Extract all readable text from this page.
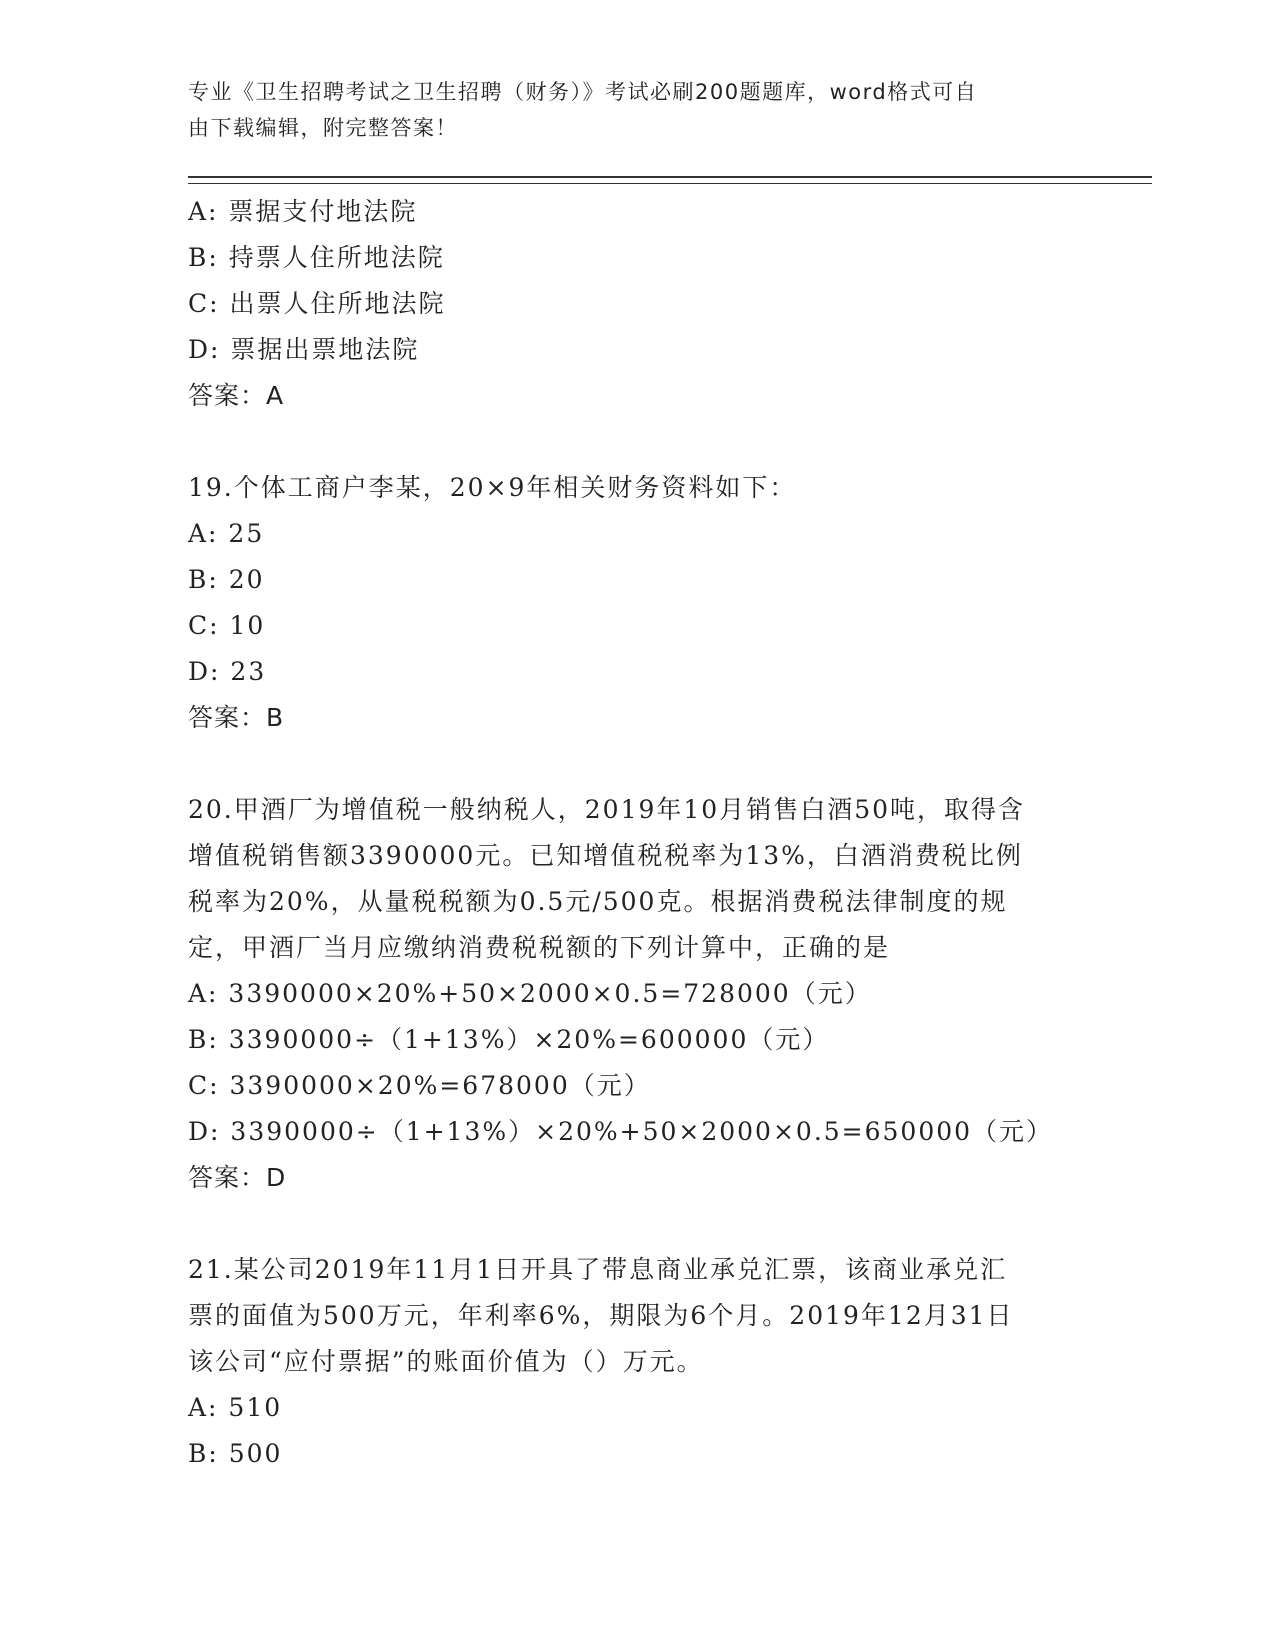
专业《卫生招聘考试之卫生招聘（财务）》考试必刷200题题库，word格式可自
由下载编辑，附完整答案！
A: 票据支付地法院
B: 持票人住所地法院
C: 出票人住所地法院
D: 票据出票地法院
答案：A
19.个体工商户李某，20×9年相关财务资料如下：
A: 25
B: 20
C: 10
D: 23
答案：B
20.甲酒厂为增值税一般纳税人，2019年10月销售白酒50吨，取得含
增值税销售额3390000元。已知增值税税率为13%，白酒消费税比例
税率为20%，从量税税额为0.5元/500克。根据消费税法律制度的规
定，甲酒厂当月应缴纳消费税税额的下列计算中，正确的是
A: 3390000×20%+50×2000×0.5=728000（元）
B: 3390000÷（1+13%）×20%=600000（元）
C: 3390000×20%=678000（元）
D: 3390000÷（1+13%）×20%+50×2000×0.5=650000（元）
答案：D
21.某公司2019年11月1日开具了带息商业承兑汇票，该商业承兑汇
票的面值为500万元，年利率6%，期限为6个月。2019年12月31日
该公司“应付票据”的账面价值为（）万元。
A: 510
B: 500
